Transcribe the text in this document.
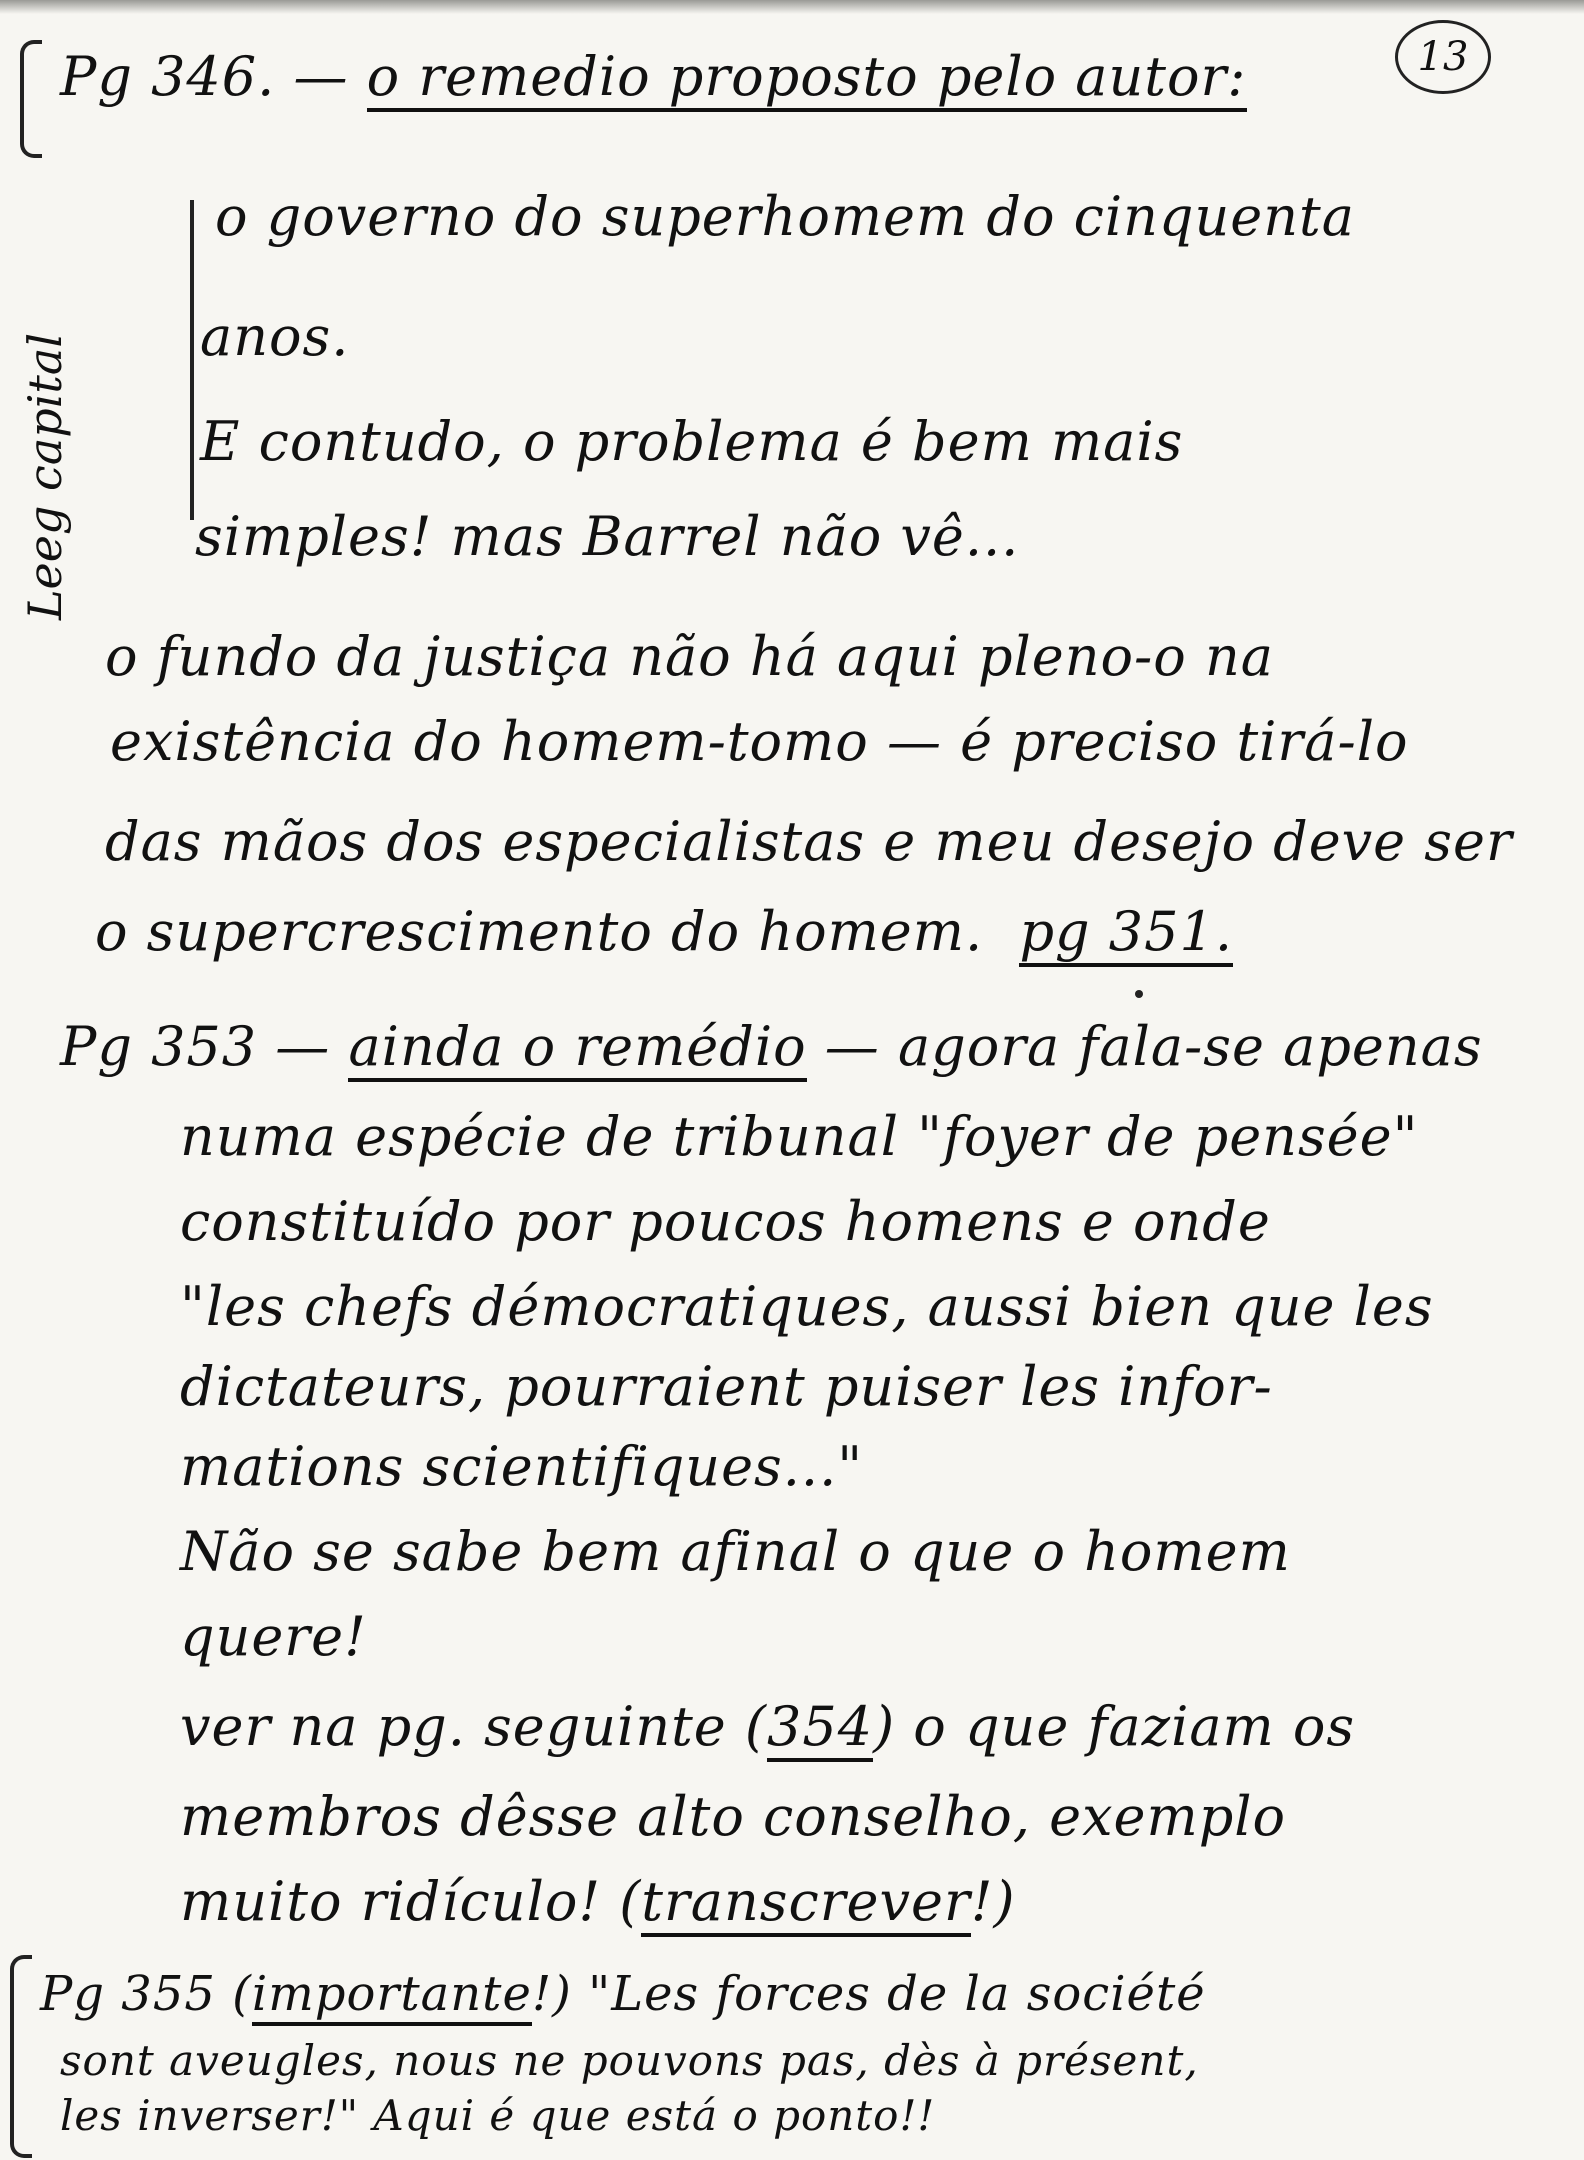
13
Leeg capital
Pg 346. — o remedio proposto pelo autor:
o governo do superhomem do cinquenta
anos.
E contudo, o problema é bem mais
simples! mas Barrel não vê...
o fundo da justiça não há aqui pleno-o na
existência do homem-tomo — é preciso tirá-lo
das mãos dos especialistas e meu desejo deve ser
o supercrescimento do homem. pg 351.
Pg 353 — ainda o remédio — agora fala-se apenas
numa espécie de tribunal "foyer de pensée"
constituído por poucos homens e onde
"les chefs démocratiques, aussi bien que les
dictateurs, pourraient puiser les infor-
mations scientifiques..."
Não se sabe bem afinal o que o homem
quere!
ver na pg. seguinte (354) o que faziam os
membros dêsse alto conselho, exemplo
muito ridículo! (transcrever!)
Pg 355 (importante!) "Les forces de la société
sont aveugles, nous ne pouvons pas, dès à présent,
les inverser!" Aqui é que está o ponto!!
